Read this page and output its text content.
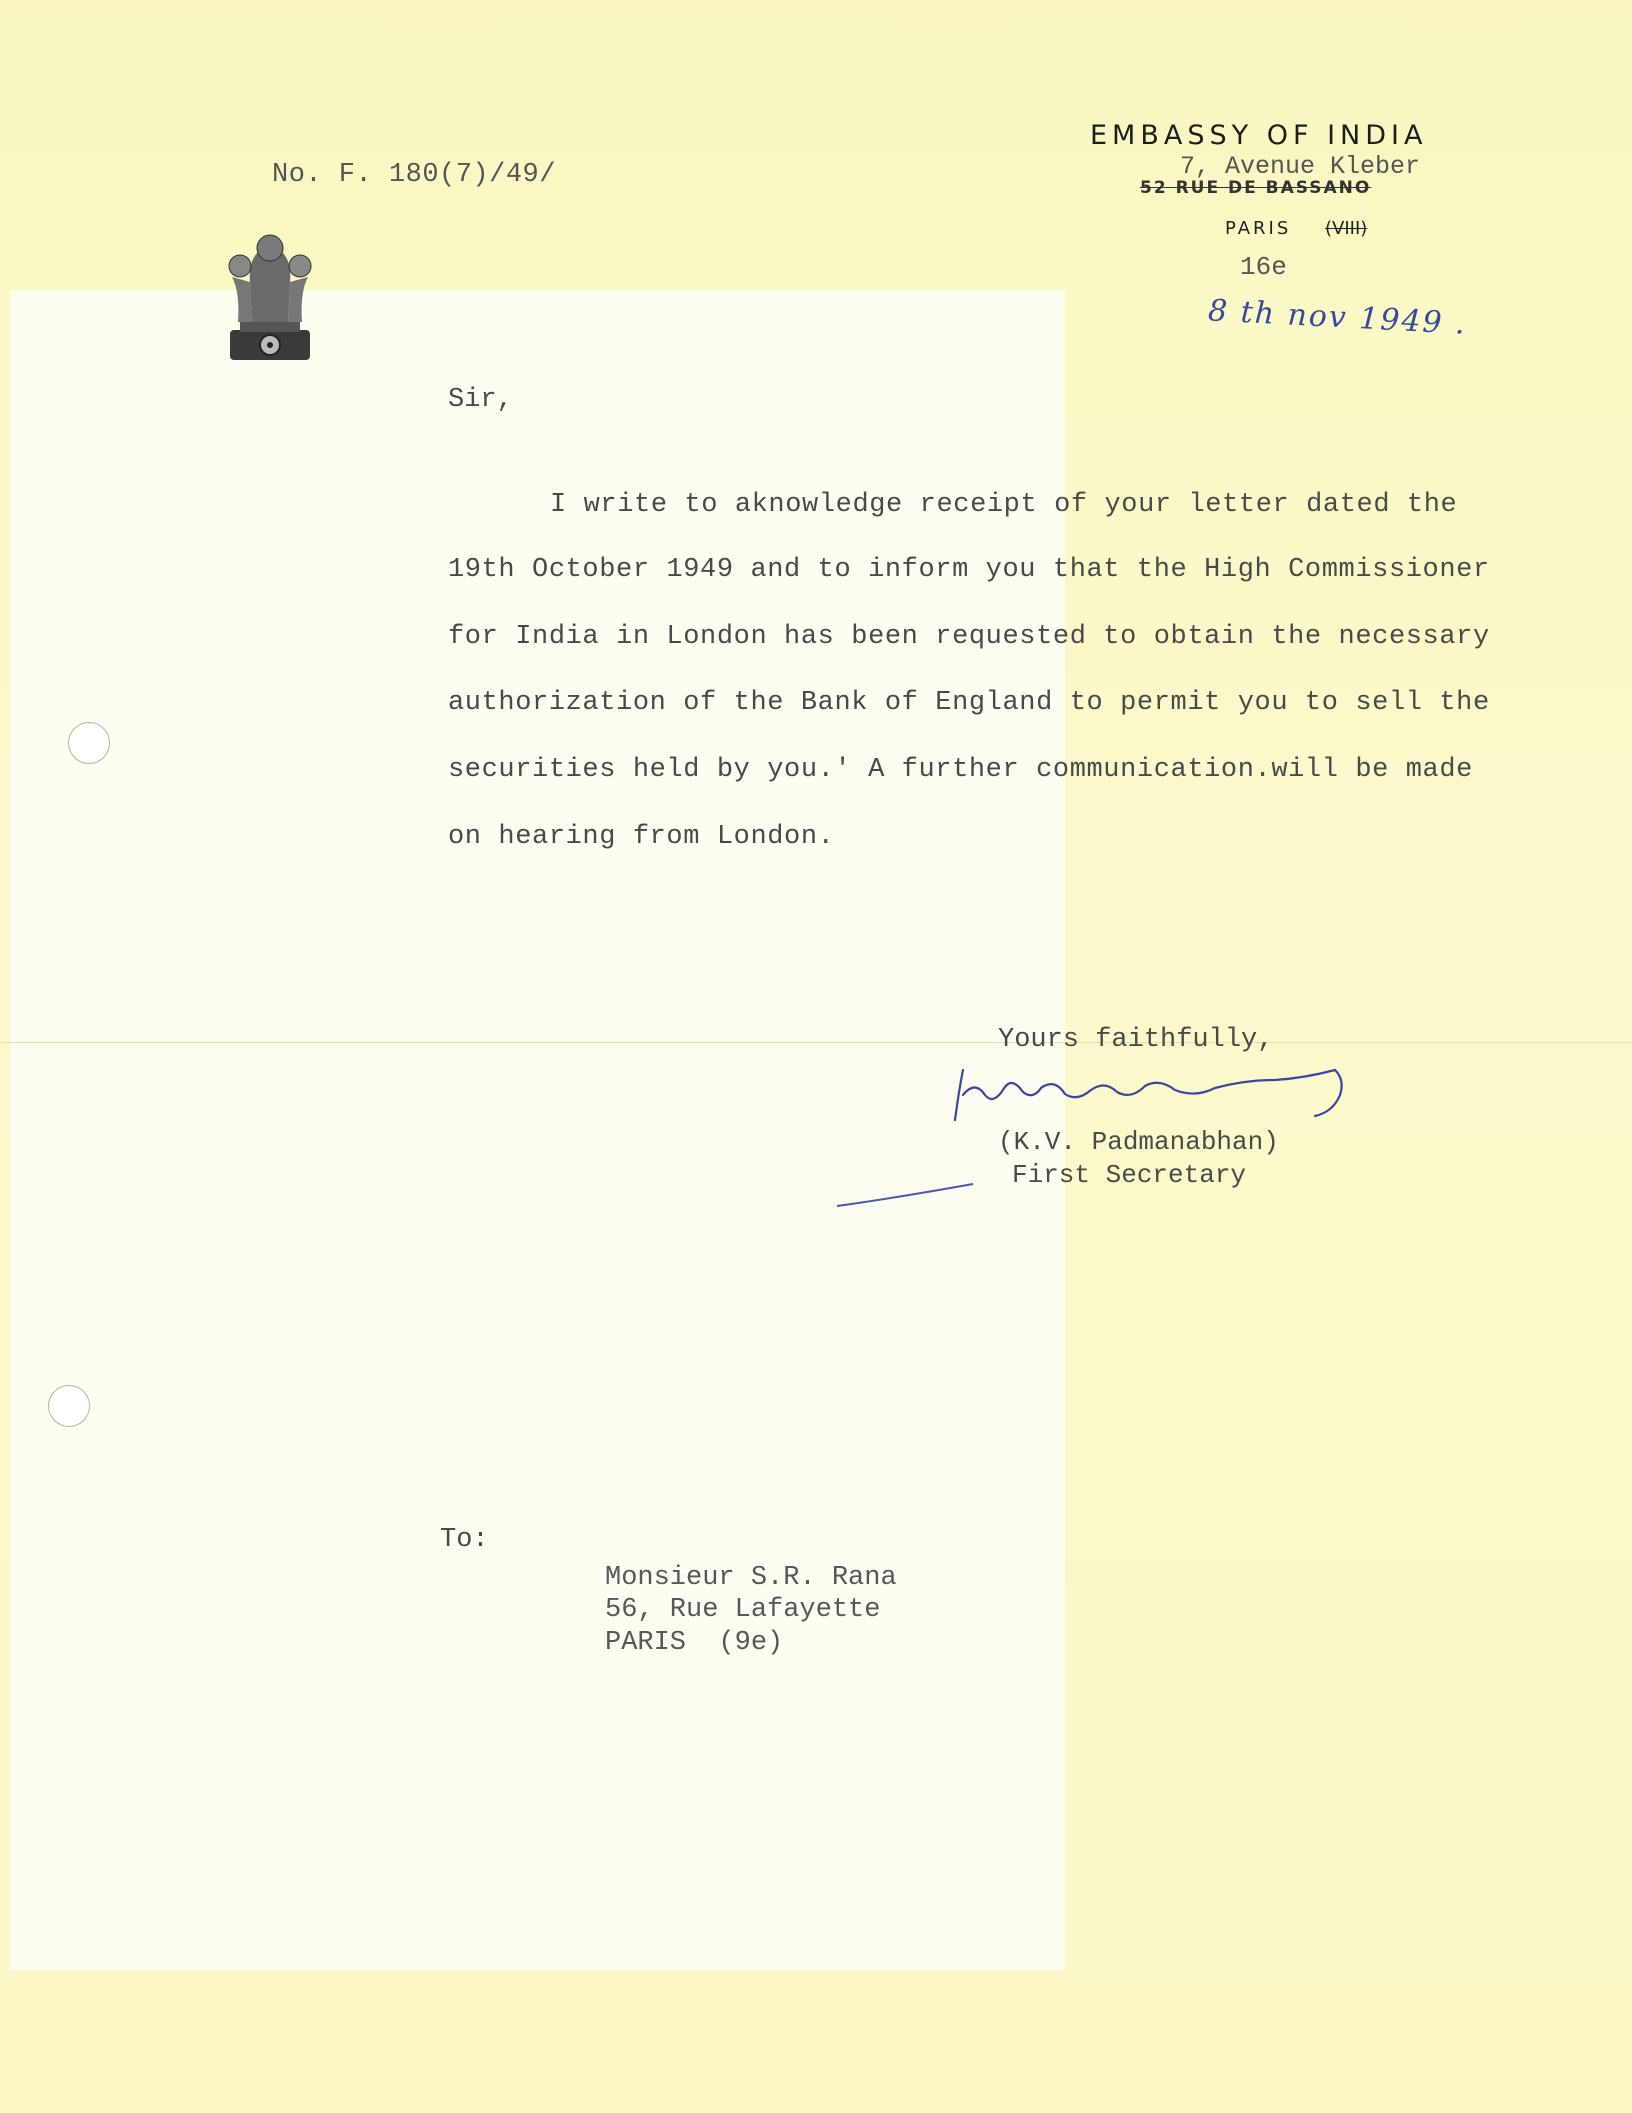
No. F. 180(7)/49/
EMBASSY OF INDIA
7, Avenue Kleber
52 RUE DE BASSANO
PARIS (VIII)
16e
8 th nov 1949 .
Sir,
I write to aknowledge receipt of your letter dated the
19th October 1949 and to inform you that the High Commissioner
for India in London has been requested to obtain the necessary
authorization of the Bank of England to permit you to sell the
securities held by you.' A further communication.will be made
on hearing from London.
Yours faithfully,
(K.V. Padmanabhan)
First Secretary
To:
Monsieur S.R. Rana
56, Rue Lafayette
PARIS  (9e)
